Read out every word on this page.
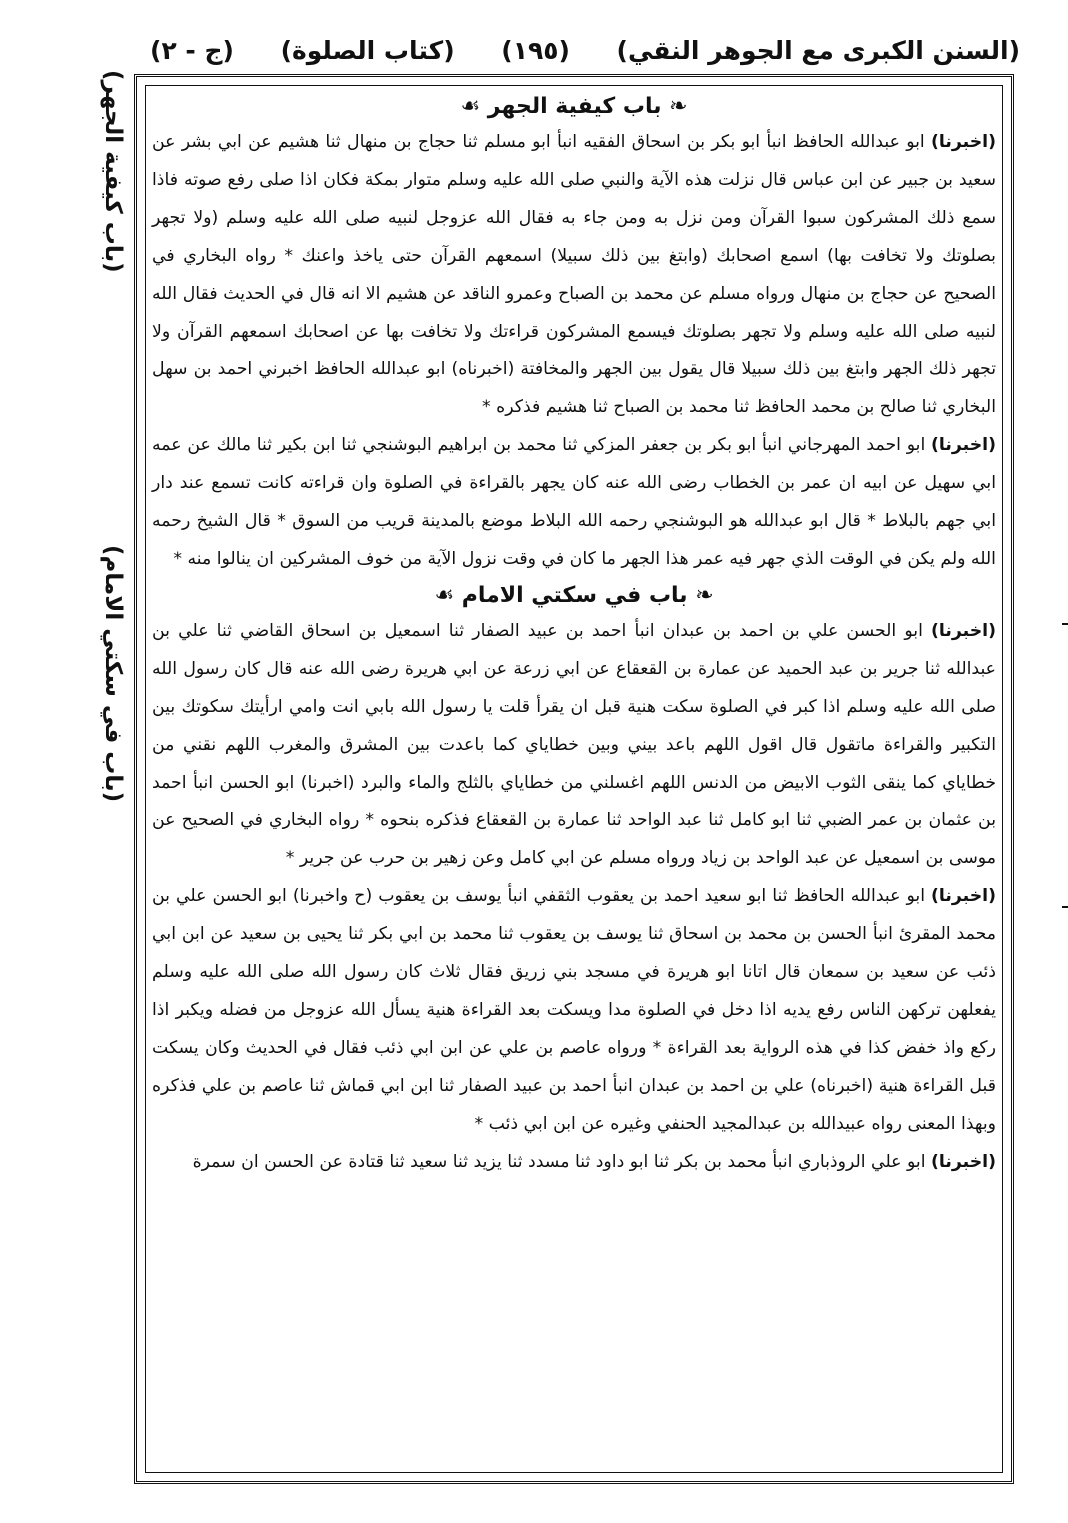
(السنن الكبرى مع الجوهر النقي)
(١٩٥)
(كتاب الصلوة)
(ج - ٢)
(باب كيفية الجهر)
(باب في سكتي الامام)
❧ باب كيفية الجهر ☙

(اخبرنا) ابو عبدالله الحافظ انبأ ابو بكر بن اسحاق الفقيه انبأ ابو مسلم ثنا حجاج بن منهال ثنا هشيم عن ابي بشر عن سعيد بن جبير عن ابن عباس قال نزلت هذه الآية والنبي صلى الله عليه وسلم متوار بمكة فكان اذا صلى رفع صوته فاذا سمع ذلك المشركون سبوا القرآن ومن نزل به ومن جاء به فقال الله عزوجل لنبيه صلى الله عليه وسلم (ولا تجهر بصلوتك ولا تخافت بها) اسمع اصحابك (وابتغ بين ذلك سبيلا) اسمعهم القرآن حتى ياخذ واعنك * رواه البخاري في الصحيح عن حجاج بن منهال ورواه مسلم عن محمد بن الصباح وعمرو الناقد عن هشيم الا انه قال في الحديث فقال الله لنبيه صلى الله عليه وسلم ولا تجهر بصلوتك فيسمع المشركون قراءتك ولا تخافت بها عن اصحابك اسمعهم القرآن ولا تجهر ذلك الجهر وابتغ بين ذلك سبيلا قال يقول بين الجهر والمخافتة (اخبرناه) ابو عبدالله الحافظ اخبرني احمد بن سهل البخاري ثنا صالح بن محمد الحافظ ثنا محمد بن الصباح ثنا هشيم فذكره *

(اخبرنا) ابو احمد المهرجاني انبأ ابو بكر بن جعفر المزكي ثنا محمد بن ابراهيم البوشنجي ثنا ابن بكير ثنا مالك عن عمه ابي سهيل عن ابيه ان عمر بن الخطاب رضى الله عنه كان يجهر بالقراءة في الصلوة وان قراءته كانت تسمع عند دار ابي جهم بالبلاط * قال ابو عبدالله هو البوشنجي رحمه الله البلاط موضع بالمدينة قريب من السوق * قال الشيخ رحمه الله ولم يكن في الوقت الذي جهر فيه عمر هذا الجهر ما كان في وقت نزول الآية من خوف المشركين ان ينالوا منه *

❧ باب في سكتي الامام ☙

(اخبرنا) ابو الحسن علي بن احمد بن عبدان انبأ احمد بن عبيد الصفار ثنا اسمعيل بن اسحاق القاضي ثنا علي بن عبدالله ثنا جرير بن عبد الحميد عن عمارة بن القعقاع عن ابي زرعة عن ابي هريرة رضى الله عنه قال كان رسول الله صلى الله عليه وسلم اذا كبر في الصلوة سكت هنية قبل ان يقرأ قلت يا رسول الله بابي انت وامي ارأيتك سكوتك بين التكبير والقراءة ماتقول قال اقول اللهم باعد بيني وبين خطاياي كما باعدت بين المشرق والمغرب اللهم نقني من خطاياي كما ينقى الثوب الابيض من الدنس اللهم اغسلني من خطاياي بالثلج والماء والبرد (اخبرنا) ابو الحسن انبأ احمد بن عثمان بن عمر الضبي ثنا ابو كامل ثنا عبد الواحد ثنا عمارة بن القعقاع فذكره بنحوه * رواه البخاري في الصحيح عن موسى بن اسمعيل عن عبد الواحد بن زياد ورواه مسلم عن ابي كامل وعن زهير بن حرب عن جرير *

(اخبرنا) ابو عبدالله الحافظ ثنا ابو سعيد احمد بن يعقوب الثقفي انبأ يوسف بن يعقوب (ح واخبرنا) ابو الحسن علي بن محمد المقرئ انبأ الحسن بن محمد بن اسحاق ثنا يوسف بن يعقوب ثنا محمد بن ابي بكر ثنا يحيى بن سعيد عن ابن ابي ذئب عن سعيد بن سمعان قال اتانا ابو هريرة في مسجد بني زريق فقال ثلاث كان رسول الله صلى الله عليه وسلم يفعلهن تركهن الناس رفع يديه اذا دخل في الصلوة مدا ويسكت بعد القراءة هنية يسأل الله عزوجل من فضله ويكبر اذا ركع واذ خفض كذا في هذه الرواية بعد القراءة * ورواه عاصم بن علي عن ابن ابي ذئب فقال في الحديث وكان يسكت قبل القراءة هنية (اخبرناه) علي بن احمد بن عبدان انبأ احمد بن عبيد الصفار ثنا ابن ابي قماش ثنا عاصم بن علي فذكره وبهذا المعنى رواه عبيدالله بن عبدالمجيد الحنفي وغيره عن ابن ابي ذئب *

(اخبرنا) ابو علي الروذباري انبأ محمد بن بكر ثنا ابو داود ثنا مسدد ثنا يزيد ثنا سعيد ثنا قتادة عن الحسن ان سمرة
